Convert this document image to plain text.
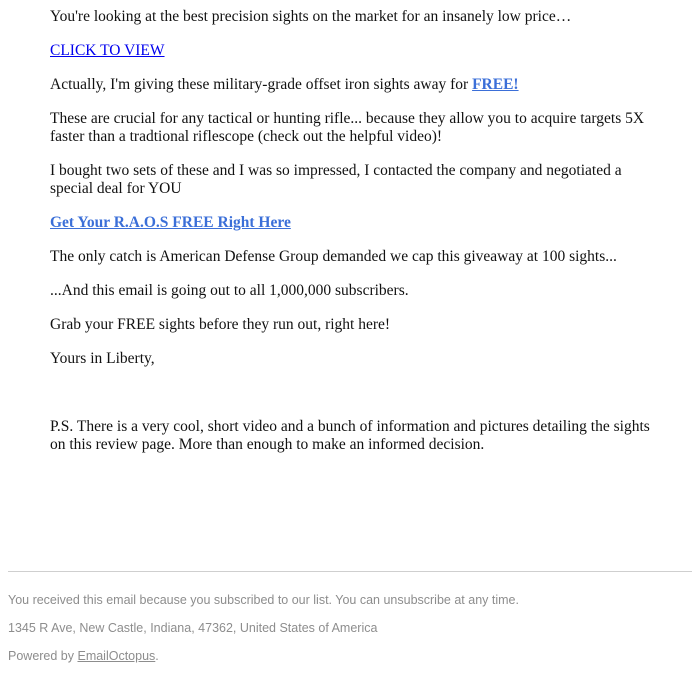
You're looking at the best precision sights on the market for an insanely low price…

CLICK TO VIEW

Actually, I'm giving these military-grade offset iron sights away for FREE!

These are crucial for any tactical or hunting rifle... because they allow you to acquire targets 5X faster than a tradtional riflescope (check out the helpful video)!

I bought two sets of these and I was so impressed, I contacted the company and negotiated a special deal for YOU

Get Your R.A.O.S FREE Right Here

The only catch is American Defense Group demanded we cap this giveaway at 100 sights...

...And this email is going out to all 1,000,000 subscribers.

Grab your FREE sights before they run out, right here!

Yours in Liberty,

P.S. There is a very cool, short video and a bunch of information and pictures detailing the sights on this review page. More than enough to make an informed decision.

You received this email because you subscribed to our list. You can unsubscribe at any time.
1345 R Ave, New Castle, Indiana, 47362, United States of America
Powered by EmailOctopus.
